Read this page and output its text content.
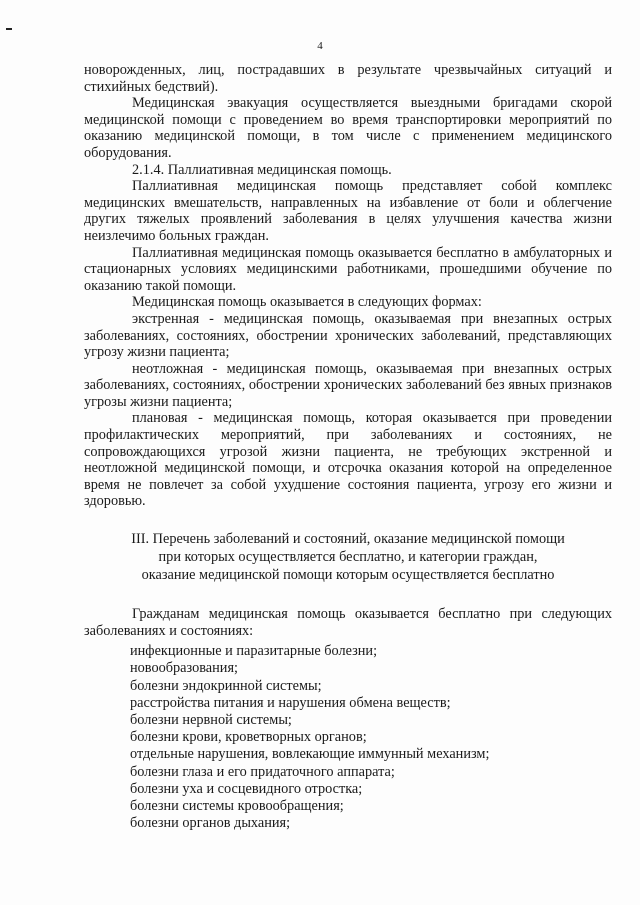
4

новорожденных, лиц, пострадавших в результате чрезвычайных ситуаций и стихийных бедствий).

Медицинская эвакуация осуществляется выездными бригадами скорой медицинской помощи с проведением во время транспортировки мероприятий по оказанию медицинской помощи, в том числе с применением медицинского оборудования.

2.1.4. Паллиативная медицинская помощь.

Паллиативная медицинская помощь представляет собой комплекс медицинских вмешательств, направленных на избавление от боли и облегчение других тяжелых проявлений заболевания в целях улучшения качества жизни неизлечимо больных граждан.

Паллиативная медицинская помощь оказывается бесплатно в амбулаторных и стационарных условиях медицинскими работниками, прошедшими обучение по оказанию такой помощи.

Медицинская помощь оказывается в следующих формах:

экстренная - медицинская помощь, оказываемая при внезапных острых заболеваниях, состояниях, обострении хронических заболеваний, представляющих угрозу жизни пациента;

неотложная - медицинская помощь, оказываемая при внезапных острых заболеваниях, состояниях, обострении хронических заболеваний без явных признаков угрозы жизни пациента;

плановая - медицинская помощь, которая оказывается при проведении профилактических мероприятий, при заболеваниях и состояниях, не сопровождающихся угрозой жизни пациента, не требующих экстренной и неотложной медицинской помощи, и отсрочка оказания которой на определенное время не повлечет за собой ухудшение состояния пациента, угрозу его жизни и здоровью.

III. Перечень заболеваний и состояний, оказание медицинской помощи
при которых осуществляется бесплатно, и категории граждан,
оказание медицинской помощи которым осуществляется бесплатно

Гражданам медицинская помощь оказывается бесплатно при следующих заболеваниях и состояниях:

инфекционные и паразитарные болезни;
новообразования;
болезни эндокринной системы;
расстройства питания и нарушения обмена веществ;
болезни нервной системы;
болезни крови, кроветворных органов;
отдельные нарушения, вовлекающие иммунный механизм;
болезни глаза и его придаточного аппарата;
болезни уха и сосцевидного отростка;
болезни системы кровообращения;
болезни органов дыхания;
